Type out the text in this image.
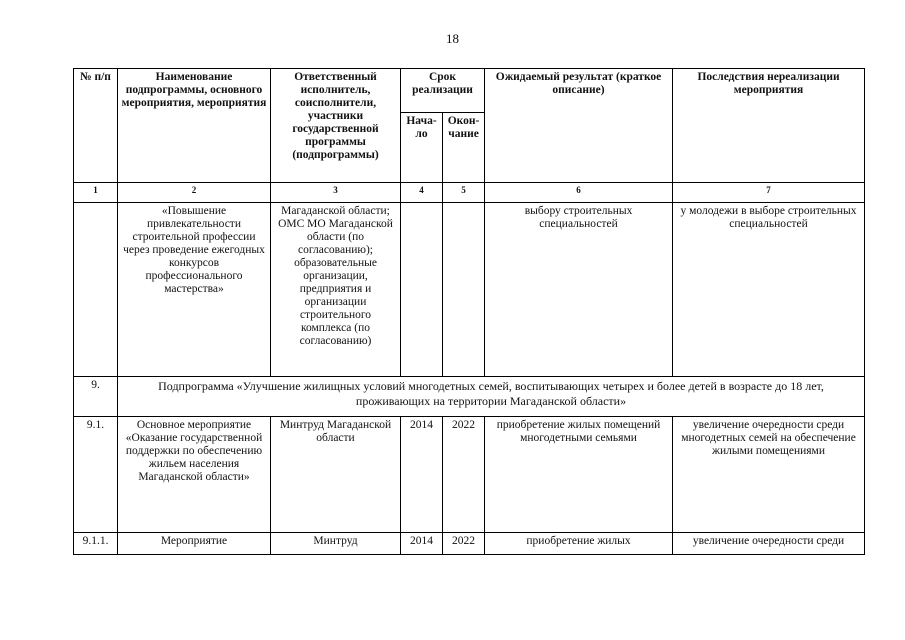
18
№ п/п	Наименование подпрограммы, основного мероприятия, мероприятия	Ответственный исполнитель, соисполнители, участники государственной программы (подпрограммы)	Срок реализации		Ожидаемый результат (краткое описание)	Последствия нереализации мероприятия
			Нача-ло	Окон-чание		
1	2	3	4	5	6	7
	«Повышение привлекательности строительной профессии через проведение ежегодных конкурсов профессионального мастерства»	Магаданской области; ОМС МО Магаданской области (по согласованию); образовательные организации, предприятия и организации строительного комплекса (по согласованию)			выбору строительных специальностей	у молодежи в выборе строительных специальностей
9.	Подпрограмма «Улучшение жилищных условий многодетных семей, воспитывающих четырех и более детей в возрасте до 18 лет, проживающих на территории Магаданской области»					
9.1.	Основное мероприятие «Оказание государственной поддержки по обеспечению жильем населения Магаданской области»	Минтруд Магаданской области	2014	2022	приобретение жилых помещений многодетными семьями	увеличение очередности среди многодетных семей на обеспечение жилыми помещениями
9.1.1.	Мероприятие	Минтруд	2014	2022	приобретение жилых	увеличение очередности среди
